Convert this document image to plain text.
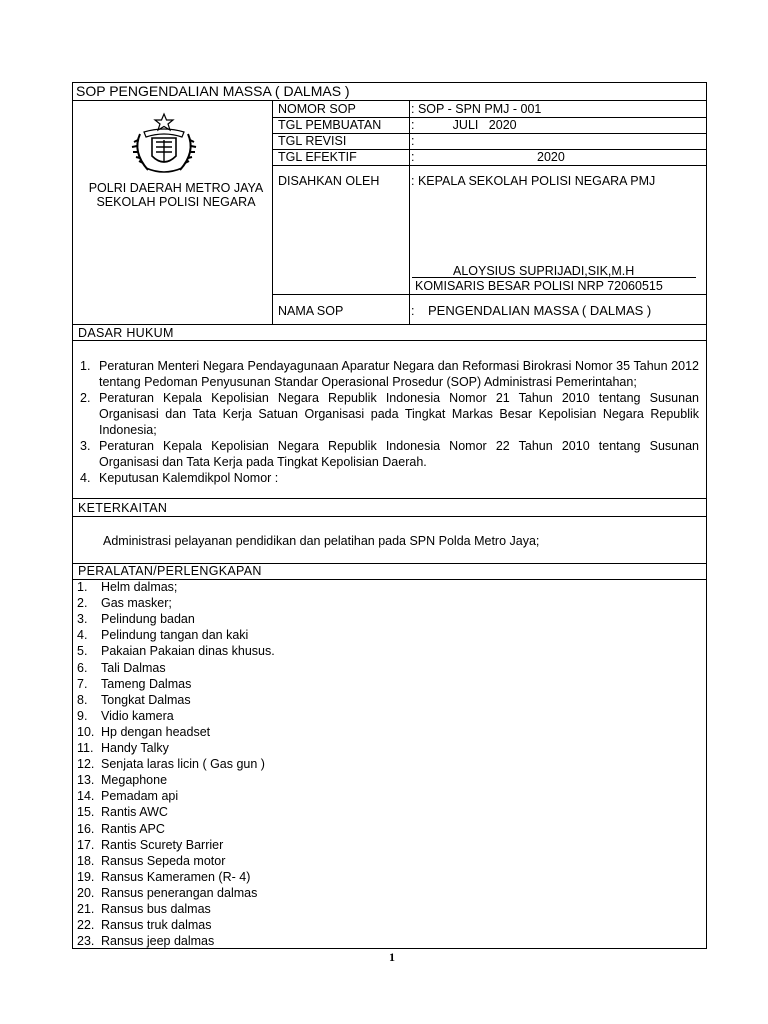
SOP PENGENDALIAN MASSA ( DALMAS )
POLRI DAERAH METRO JAYA
SEKOLAH POLISI NEGARA
NOMOR SOP	: SOP - SPN PMJ - 001
TGL PEMBUATAN :           JULI   2020
TGL REVISI	:
TGL EFEKTIF	:	2020
DISAHKAN OLEH	: KEPALA SEKOLAH POLISI NEGARA PMJ
ALOYSIUS SUPRIJADI,SIK,M.H
KOMISARIS BESAR POLISI NRP 72060515
NAMA SOP	: PENGENDALIAN MASSA ( DALMAS )
DASAR HUKUM
1. Peraturan Menteri Negara Pendayagunaan Aparatur Negara dan Reformasi Birokrasi Nomor 35 Tahun 2012 tentang Pedoman Penyusunan Standar Operasional Prosedur (SOP) Administrasi Pemerintahan;
2. Peraturan Kepala Kepolisian Negara Republik Indonesia Nomor 21 Tahun 2010 tentang Susunan Organisasi dan Tata Kerja Satuan Organisasi pada Tingkat Markas Besar Kepolisian Negara Republik Indonesia;
3. Peraturan Kepala Kepolisian Negara Republik Indonesia Nomor 22 Tahun 2010 tentang Susunan Organisasi dan Tata Kerja pada Tingkat Kepolisian Daerah.
4. Keputusan Kalemdikpol Nomor :
KETERKAITAN
Administrasi pelayanan pendidikan dan pelatihan pada SPN Polda Metro Jaya;
PERALATAN/PERLENGKAPAN
1. Helm dalmas;
2. Gas masker;
3. Pelindung badan
4. Pelindung tangan dan kaki
5. Pakaian Pakaian dinas khusus.
6. Tali Dalmas
7. Tameng Dalmas
8. Tongkat Dalmas
9. Vidio kamera
10. Hp dengan headset
11. Handy Talky
12. Senjata laras licin ( Gas gun )
13. Megaphone
14. Pemadam api
15. Rantis AWC
16. Rantis APC
17. Rantis Scurety Barrier
18. Ransus Sepeda motor
19. Ransus Kameramen (R- 4)
20. Ransus penerangan dalmas
21. Ransus bus dalmas
22. Ransus truk dalmas
23. Ransus jeep dalmas
1
